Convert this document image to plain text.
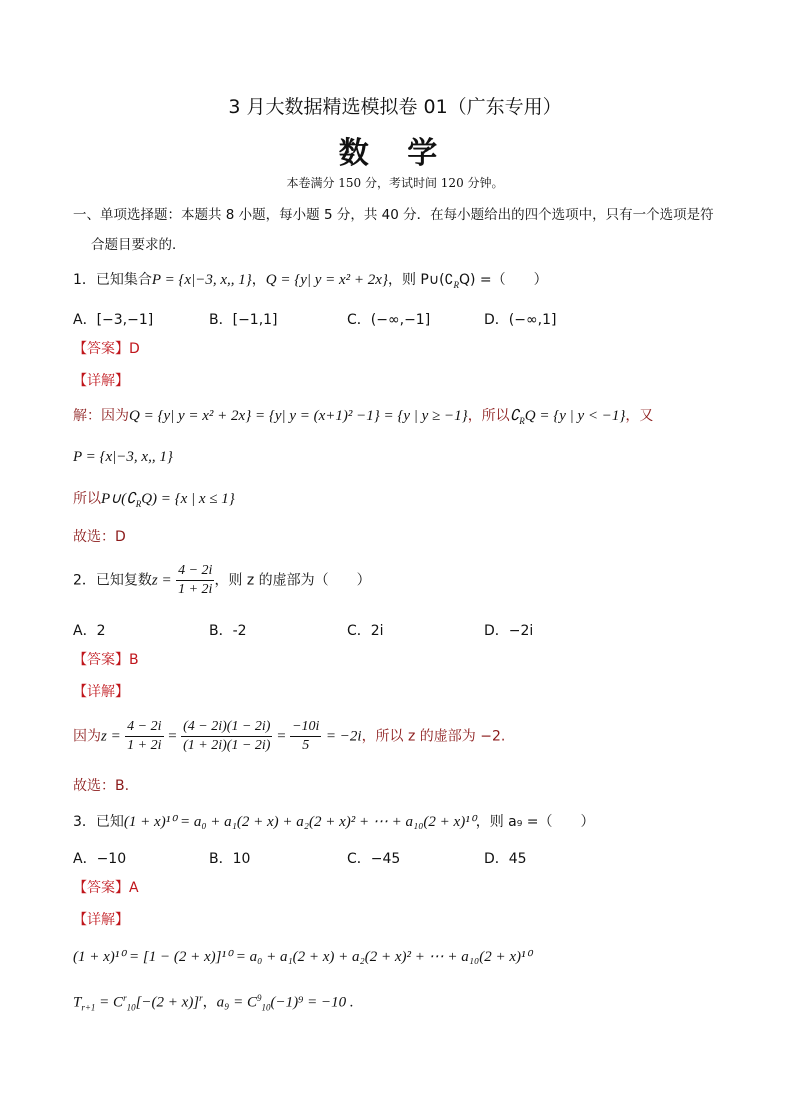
3 月大数据精选模拟卷 01（广东专用）
数 学
本卷满分 150 分，考试时间 120 分钟。
一、单项选择题：本题共 8 小题，每小题 5 分，共 40 分．在每小题给出的四个选项中，只有一个选项是符
合题目要求的．
1．已知集合P = {x|−3, x,, 1}，Q = {y| y = x² + 2x}，则 $P\cup(∁_RQ)$ =（　　）
A．[−3,−1]	B．[−1,1]	C．(−∞,−1]	D．(−∞,1]
【答案】D
【详解】
解：因为Q = {y| y = x² + 2x} = {y| y = (x+1)² −1} = {y | y ≥ −1}，所以$∁_RQ = \{y$ | y < −1}，又
P = {x|−3, x,, 1}
所以$P\cup(∁_RQ) = \{x$ | x ≤ 1}
故选：D
2．已知复数$z = \frac{4 - 2i}{1 + 2i}$ ，则 z 的虚部为（　　）
A．2	B．-2	C．2i	D．−2i
【答案】B
【详解】
因为$z = \frac{4 - 2i}{1 + 2i} = \frac{(4 - 2i)(1 - 2i)}{(1 + 2i)(1 - 2i)} = \frac{-10i}{5} = -2i$，所以 z 的虚部为 −2.
故选：B.
3．已知(1 + x)¹⁰ = a₀ + a₁(2 + x) + a₂(2 + x)² + ⋯ + a₁₀(2 + x)¹⁰，则 a₉ =（　　）
A．−10	B．10	C．−45	D．45
【答案】A
【详解】
(1 + x)¹⁰ = [1 − (2 + x)]¹⁰ = a₀ + a₁(2 + x) + a₂(2 + x)² + ⋯ + a₁₀(2 + x)¹⁰
$T_{r+1} = C^r_{10}[-(2 + x)]^r$，$a_9 = C^9_{10}(-1)^9 = -10$ .
